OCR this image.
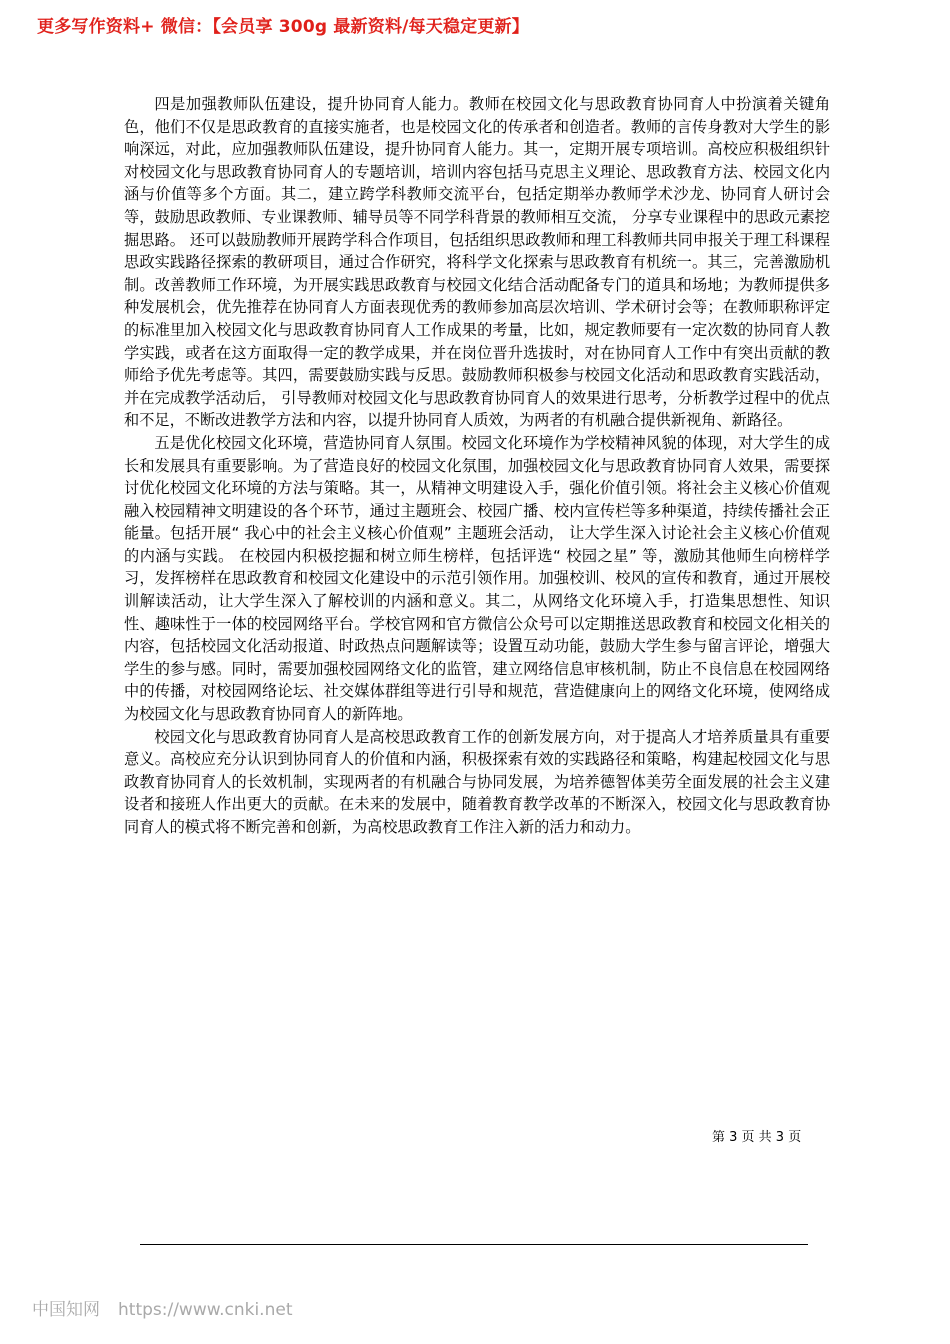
更多写作资料+ 微信：【会员享 300g 最新资料/每天稳定更新】

四是加强教师队伍建设，提升协同育人能力。教师在校园文化与思政教育协同育人中扮演着关键角色，他们不仅是思政教育的直接实施者，也是校园文化的传承者和创造者。教师的言传身教对大学生的影响深远，对此，应加强教师队伍建设，提升协同育人能力。其一，定期开展专项培训。高校应积极组织针对校园文化与思政教育协同育人的专题培训，培训内容包括马克思主义理论、思政教育方法、校园文化内涵与价值等多个方面。其二，建立跨学科教师交流平台，包括定期举办教师学术沙龙、协同育人研讨会等，鼓励思政教师、专业课教师、辅导员等不同学科背景的教师相互交流， 分享专业课程中的思政元素挖掘思路。 还可以鼓励教师开展跨学科合作项目，包括组织思政教师和理工科教师共同申报关于理工科课程思政实践路径探索的教研项目，通过合作研究，将科学文化探索与思政教育有机统一。其三，完善激励机制。改善教师工作环境，为开展实践思政教育与校园文化结合活动配备专门的道具和场地；为教师提供多种发展机会，优先推荐在协同育人方面表现优秀的教师参加高层次培训、学术研讨会等；在教师职称评定的标准里加入校园文化与思政教育协同育人工作成果的考量，比如，规定教师要有一定次数的协同育人教学实践，或者在这方面取得一定的教学成果，并在岗位晋升选拔时，对在协同育人工作中有突出贡献的教师给予优先考虑等。其四，需要鼓励实践与反思。鼓励教师积极参与校园文化活动和思政教育实践活动， 并在完成教学活动后， 引导教师对校园文化与思政教育协同育人的效果进行思考，分析教学过程中的优点和不足，不断改进教学方法和内容，以提升协同育人质效，为两者的有机融合提供新视角、新路径。

五是优化校园文化环境，营造协同育人氛围。校园文化环境作为学校精神风貌的体现，对大学生的成长和发展具有重要影响。为了营造良好的校园文化氛围，加强校园文化与思政教育协同育人效果，需要探讨优化校园文化环境的方法与策略。其一，从精神文明建设入手，强化价值引领。将社会主义核心价值观融入校园精神文明建设的各个环节，通过主题班会、校园广播、校内宣传栏等多种渠道，持续传播社会正能量。包括开展“ 我心中的社会主义核心价值观” 主题班会活动， 让大学生深入讨论社会主义核心价值观的内涵与实践。 在校园内积极挖掘和树立师生榜样，包括评选“ 校园之星” 等，激励其他师生向榜样学习，发挥榜样在思政教育和校园文化建设中的示范引领作用。加强校训、校风的宣传和教育，通过开展校训解读活动，让大学生深入了解校训的内涵和意义。其二，从网络文化环境入手，打造集思想性、知识性、趣味性于一体的校园网络平台。学校官网和官方微信公众号可以定期推送思政教育和校园文化相关的内容，包括校园文化活动报道、时政热点问题解读等；设置互动功能，鼓励大学生参与留言评论，增强大学生的参与感。同时，需要加强校园网络文化的监管，建立网络信息审核机制，防止不良信息在校园网络中的传播，对校园网络论坛、社交媒体群组等进行引导和规范，营造健康向上的网络文化环境，使网络成为校园文化与思政教育协同育人的新阵地。

校园文化与思政教育协同育人是高校思政教育工作的创新发展方向，对于提高人才培养质量具有重要意义。高校应充分认识到协同育人的价值和内涵，积极探索有效的实践路径和策略，构建起校园文化与思政教育协同育人的长效机制，实现两者的有机融合与协同发展，为培养德智体美劳全面发展的社会主义建设者和接班人作出更大的贡献。在未来的发展中，随着教育教学改革的不断深入，校园文化与思政教育协同育人的模式将不断完善和创新，为高校思政教育工作注入新的活力和动力。

第 3 页 共 3 页
中国知网 https://www.cnki.net
